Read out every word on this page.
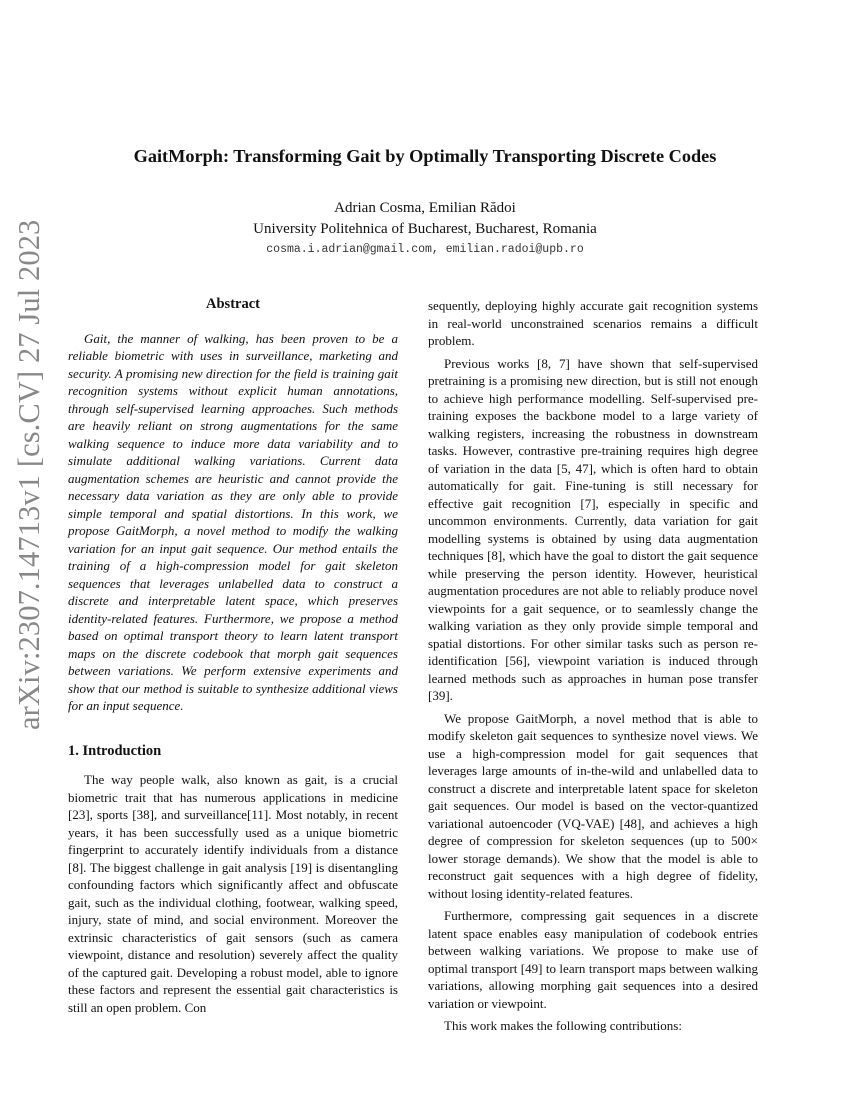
arXiv:2307.14713v1 [cs.CV] 27 Jul 2023
GaitMorph: Transforming Gait by Optimally Transporting Discrete Codes
Adrian Cosma, Emilian Rădoi
University Politehnica of Bucharest, Bucharest, Romania
cosma.i.adrian@gmail.com, emilian.radoi@upb.ro
Abstract

Gait, the manner of walking, has been proven to be a reliable biometric with uses in surveillance, marketing and security. A promising new direction for the field is training gait recognition systems without explicit human annotations, through self-supervised learning approaches. Such methods are heavily reliant on strong augmentations for the same walking sequence to induce more data variability and to simulate additional walking variations. Current data augmentation schemes are heuristic and cannot provide the necessary data variation as they are only able to provide simple temporal and spatial distortions. In this work, we propose GaitMorph, a novel method to modify the walking variation for an input gait sequence. Our method entails the training of a high-compression model for gait skeleton sequences that leverages unlabelled data to construct a discrete and interpretable latent space, which preserves identity-related features. Furthermore, we propose a method based on optimal transport theory to learn latent transport maps on the discrete codebook that morph gait sequences between variations. We perform extensive experiments and show that our method is suitable to synthesize additional views for an input sequence.

1. Introduction

The way people walk, also known as gait, is a crucial biometric trait that has numerous applications in medicine [23], sports [38], and surveillance[11]. Most notably, in recent years, it has been successfully used as a unique biometric fingerprint to accurately identify individuals from a distance [8]. The biggest challenge in gait analysis [19] is disentangling confounding factors which significantly affect and obfuscate gait, such as the individual clothing, footwear, walking speed, injury, state of mind, and social environment. Moreover the extrinsic characteristics of gait sensors (such as camera viewpoint, distance and resolution) severely affect the quality of the captured gait. Developing a robust model, able to ignore these factors and represent the essential gait characteristics is still an open problem. Con

sequently, deploying highly accurate gait recognition systems in real-world unconstrained scenarios remains a difficult problem.

Previous works [8, 7] have shown that self-supervised pretraining is a promising new direction, but is still not enough to achieve high performance modelling. Self-supervised pre-training exposes the backbone model to a large variety of walking registers, increasing the robustness in downstream tasks. However, contrastive pre-training requires high degree of variation in the data [5, 47], which is often hard to obtain automatically for gait. Fine-tuning is still necessary for effective gait recognition [7], especially in specific and uncommon environments. Currently, data variation for gait modelling systems is obtained by using data augmentation techniques [8], which have the goal to distort the gait sequence while preserving the person identity. However, heuristical augmentation procedures are not able to reliably produce novel viewpoints for a gait sequence, or to seamlessly change the walking variation as they only provide simple temporal and spatial distortions. For other similar tasks such as person re-identification [56], viewpoint variation is induced through learned methods such as approaches in human pose transfer [39].

We propose GaitMorph, a novel method that is able to modify skeleton gait sequences to synthesize novel views. We use a high-compression model for gait sequences that leverages large amounts of in-the-wild and unlabelled data to construct a discrete and interpretable latent space for skeleton gait sequences. Our model is based on the vector-quantized variational autoencoder (VQ-VAE) [48], and achieves a high degree of compression for skeleton sequences (up to 500× lower storage demands). We show that the model is able to reconstruct gait sequences with a high degree of fidelity, without losing identity-related features.

Furthermore, compressing gait sequences in a discrete latent space enables easy manipulation of codebook entries between walking variations. We propose to make use of optimal transport [49] to learn transport maps between walking variations, allowing morphing gait sequences into a desired variation or viewpoint.

This work makes the following contributions:
